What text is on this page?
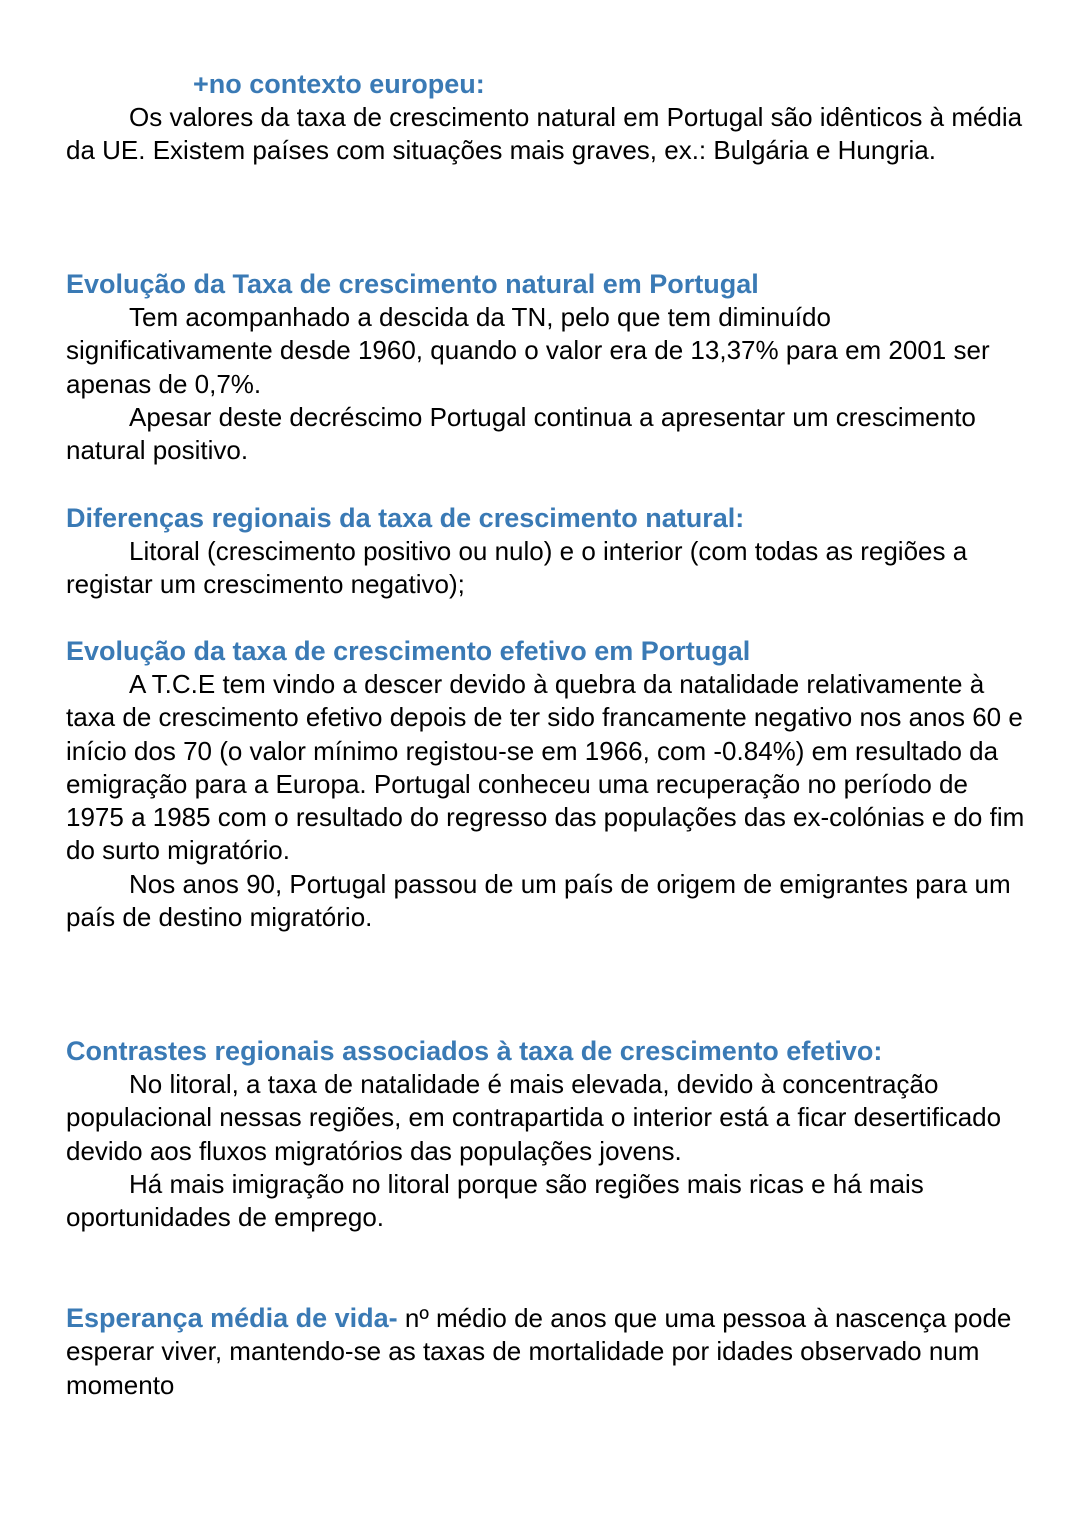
+no contexto europeu:

Os valores da taxa de crescimento natural em Portugal são idênticos à média da UE. Existem países com situações mais graves, ex.: Bulgária e Hungria.

Evolução da Taxa de crescimento natural em Portugal

Tem acompanhado a descida da TN, pelo que tem diminuído significativamente desde 1960, quando o valor era de 13,37% para em 2001 ser apenas de 0,7%.

Apesar deste decréscimo Portugal continua a apresentar um crescimento natural positivo.

Diferenças regionais da taxa de crescimento natural:

Litoral (crescimento positivo ou nulo) e o interior (com todas as regiões a registar um crescimento negativo);

Evolução da taxa de crescimento efetivo em Portugal

A T.C.E tem vindo a descer devido à quebra da natalidade relativamente à taxa de crescimento efetivo depois de ter sido francamente negativo nos anos 60 e início dos 70 (o valor mínimo registou-se em 1966, com -0.84%) em resultado da emigração para a Europa. Portugal conheceu uma recuperação no período de 1975 a 1985 com o resultado do regresso das populações das ex-colónias e do fim do surto migratório.

Nos anos 90, Portugal passou de um país de origem de emigrantes para um país de destino migratório.

Contrastes regionais associados à taxa de crescimento efetivo:

No litoral, a taxa de natalidade é mais elevada, devido à concentração populacional nessas regiões, em contrapartida o interior está a ficar desertificado devido aos fluxos migratórios das populações jovens.

Há mais imigração no litoral porque são regiões mais ricas e há mais oportunidades de emprego.

Esperança média de vida- nº médio de anos que uma pessoa à nascença pode esperar viver, mantendo-se as taxas de mortalidade por idades observado num momento
